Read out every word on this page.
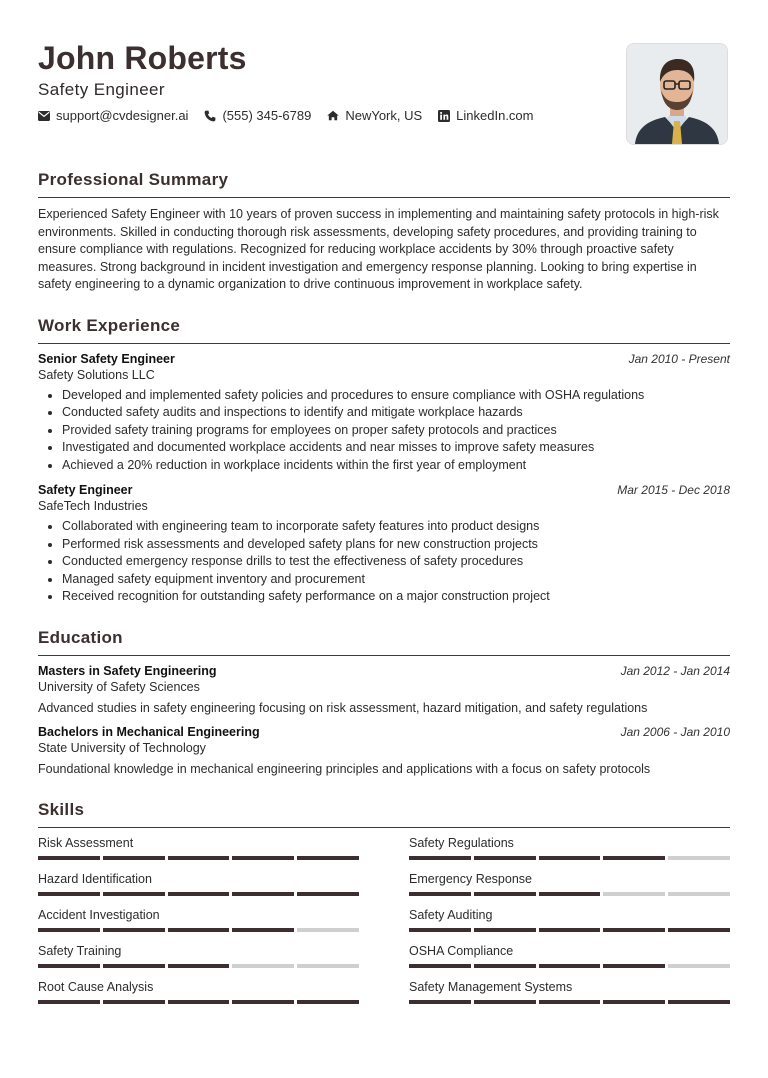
John Roberts
Safety Engineer
support@cvdesigner.ai	(555) 345-6789	NewYork, US	LinkedIn.com
Professional Summary

Experienced Safety Engineer with 10 years of proven success in implementing and maintaining safety protocols in high-risk environments. Skilled in conducting thorough risk assessments, developing safety procedures, and providing training to ensure compliance with regulations. Recognized for reducing workplace accidents by 30% through proactive safety measures. Strong background in incident investigation and emergency response planning. Looking to bring expertise in safety engineering to a dynamic organization to drive continuous improvement in workplace safety.

Work Experience
Senior Safety Engineer	Jan 2010 - Present
Safety Solutions LLC
• Developed and implemented safety policies and procedures to ensure compliance with OSHA regulations
• Conducted safety audits and inspections to identify and mitigate workplace hazards
• Provided safety training programs for employees on proper safety protocols and practices
• Investigated and documented workplace accidents and near misses to improve safety measures
• Achieved a 20% reduction in workplace incidents within the first year of employment
Safety Engineer	Mar 2015 - Dec 2018
SafeTech Industries
• Collaborated with engineering team to incorporate safety features into product designs
• Performed risk assessments and developed safety plans for new construction projects
• Conducted emergency response drills to test the effectiveness of safety procedures
• Managed safety equipment inventory and procurement
• Received recognition for outstanding safety performance on a major construction project
Education
Masters in Safety Engineering	Jan 2012 - Jan 2014
University of Safety Sciences
Advanced studies in safety engineering focusing on risk assessment, hazard mitigation, and safety regulations
Bachelors in Mechanical Engineering	Jan 2006 - Jan 2010
State University of Technology
Foundational knowledge in mechanical engineering principles and applications with a focus on safety protocols
Skills
Risk Assessment	Safety Regulations
Hazard Identification	Emergency Response
Accident Investigation	Safety Auditing
Safety Training	OSHA Compliance
Root Cause Analysis	Safety Management Systems
